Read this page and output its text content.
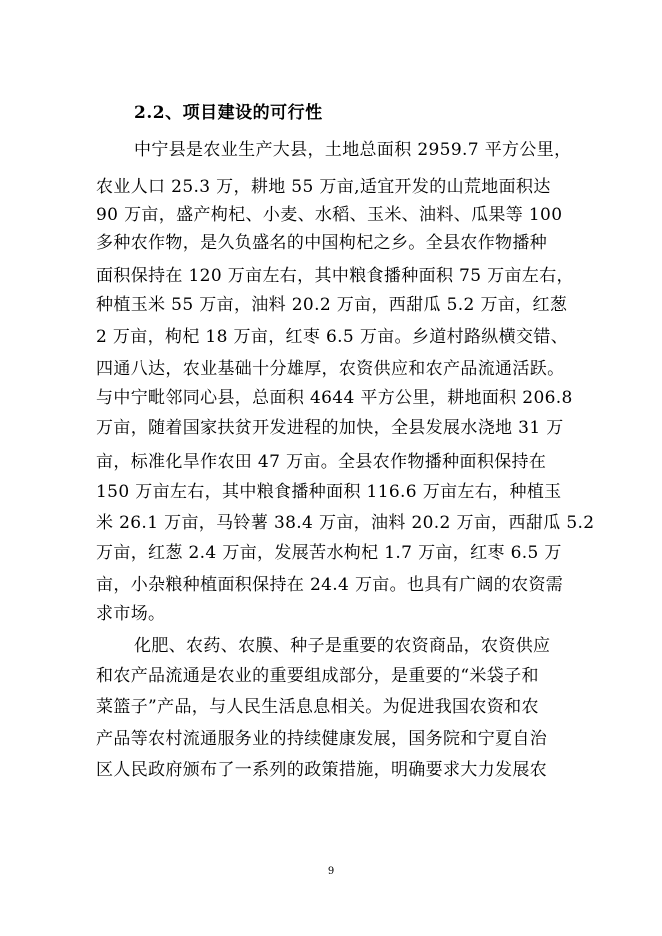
2.2、项目建设的可行性
中宁县是农业生产大县，土地总面积 2959.7 平方公里，
农业人口 25.3 万，耕地 55 万亩,适宜开发的山荒地面积达
90 万亩，盛产枸杞、小麦、水稻、玉米、油料、瓜果等 100
多种农作物，是久负盛名的中国枸杞之乡。全县农作物播种
面积保持在 120 万亩左右，其中粮食播种面积 75 万亩左右，
种植玉米 55 万亩，油料 20.2 万亩，西甜瓜 5.2 万亩，红葱
2 万亩，枸杞 18 万亩，红枣 6.5 万亩。乡道村路纵横交错、
四通八达，农业基础十分雄厚，农资供应和农产品流通活跃。
与中宁毗邻同心县，总面积 4644 平方公里，耕地面积 206.8
万亩，随着国家扶贫开发进程的加快，全县发展水浇地 31 万
亩，标准化旱作农田 47 万亩。全县农作物播种面积保持在
150 万亩左右，其中粮食播种面积 116.6 万亩左右，种植玉
米 26.1 万亩，马铃薯 38.4 万亩，油料 20.2 万亩，西甜瓜 5.2
万亩，红葱 2.4 万亩，发展苦水枸杞 1.7 万亩，红枣 6.5 万
亩，小杂粮种植面积保持在 24.4 万亩。也具有广阔的农资需
求市场。
化肥、农药、农膜、种子是重要的农资商品，农资供应
和农产品流通是农业的重要组成部分，是重要的“米袋子和
菜篮子”产品，与人民生活息息相关。为促进我国农资和农
产品等农村流通服务业的持续健康发展，国务院和宁夏自治
区人民政府颁布了一系列的政策措施，明确要求大力发展农
9
